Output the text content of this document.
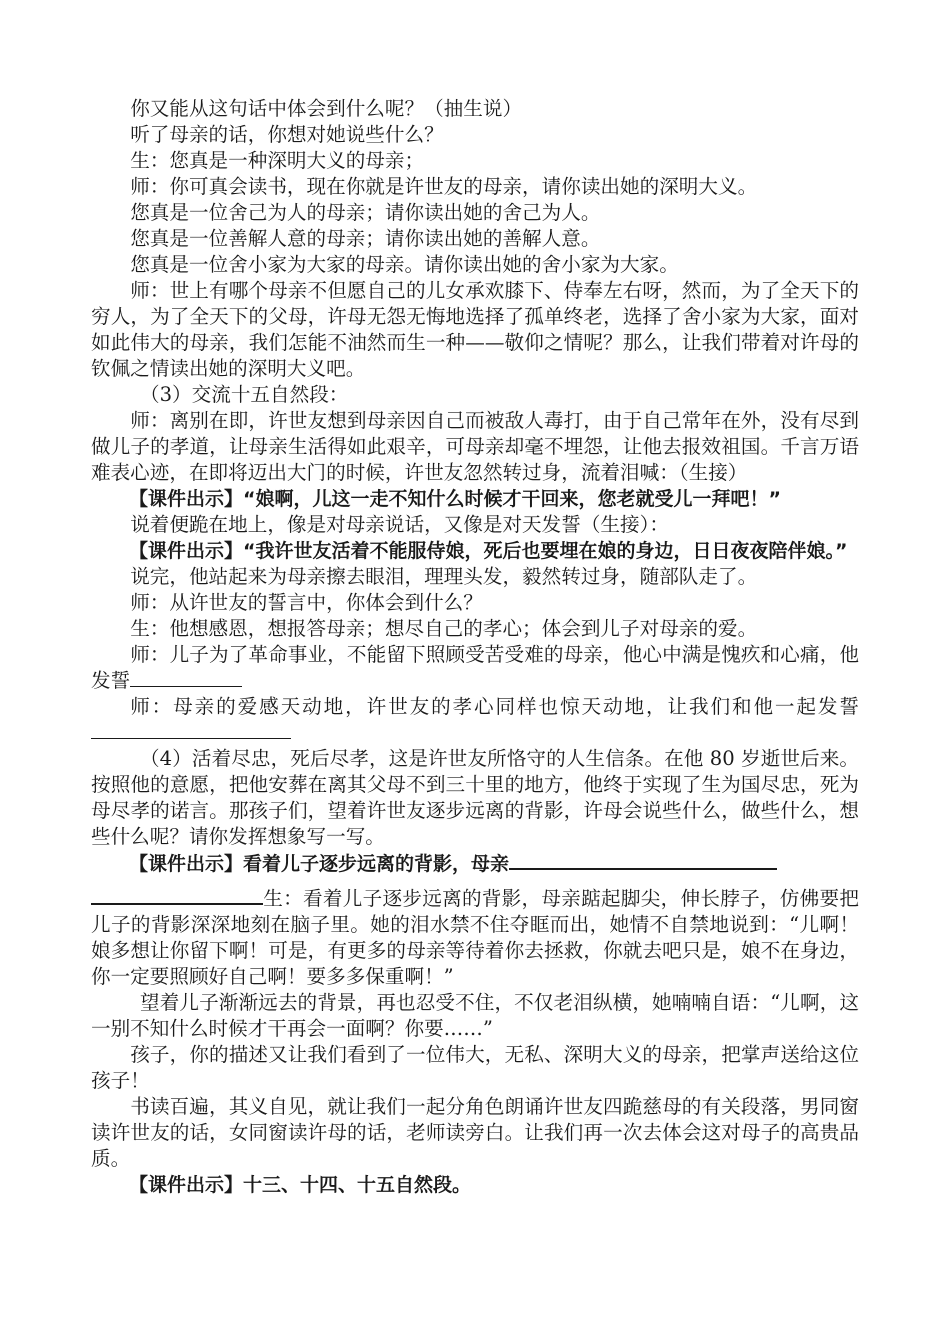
你又能从这句话中体会到什么呢？（抽生说）

听了母亲的话，你想对她说些什么？

生：您真是一种深明大义的母亲；

师：你可真会读书，现在你就是许世友的母亲，请你读出她的深明大义。

您真是一位舍己为人的母亲；请你读出她的舍己为人。

您真是一位善解人意的母亲；请你读出她的善解人意。

您真是一位舍小家为大家的母亲。请你读出她的舍小家为大家。

师：世上有哪个母亲不但愿自己的儿女承欢膝下、侍奉左右呀，然而，为了全天下的穷人，为了全天下的父母，许母无怨无悔地选择了孤单终老，选择了舍小家为大家，面对如此伟大的母亲，我们怎能不油然而生一种——敬仰之情呢？那么，让我们带着对许母的钦佩之情读出她的深明大义吧。

（3）交流十五自然段：

师：离别在即，许世友想到母亲因自己而被敌人毒打，由于自己常年在外，没有尽到做儿子的孝道，让母亲生活得如此艰辛，可母亲却毫不埋怨，让他去报效祖国。千言万语难表心迹，在即将迈出大门的时候，许世友忽然转过身，流着泪喊：（生接）

【课件出示】“娘啊，儿这一走不知什么时候才干回来，您老就受儿一拜吧！”

说着便跪在地上，像是对母亲说话，又像是对天发誓（生接）：

【课件出示】“我许世友活着不能服侍娘，死后也要埋在娘的身边，日日夜夜陪伴娘。”

说完，他站起来为母亲擦去眼泪，理理头发，毅然转过身，随部队走了。

师：从许世友的誓言中，你体会到什么？

生：他想感恩，想报答母亲；想尽自己的孝心；体会到儿子对母亲的爱。

师：儿子为了革命事业，不能留下照顾受苦受难的母亲，他心中满是愧疚和心痛，他发誓

师：母亲的爱感天动地，许世友的孝心同样也惊天动地，让我们和他一起发誓

（4）活着尽忠，死后尽孝，这是许世友所恪守的人生信条。在他 80 岁逝世后来。按照他的意愿，把他安葬在离其父母不到三十里的地方，他终于实现了生为国尽忠，死为母尽孝的诺言。那孩子们，望着许世友逐步远离的背影，许母会说些什么，做些什么，想些什么呢？请你发挥想象写一写。

【课件出示】看着儿子逐步远离的背影，母亲

生：看着儿子逐步远离的背影，母亲踮起脚尖，伸长脖子，仿佛要把儿子的背影深深地刻在脑子里。她的泪水禁不住夺眶而出，她情不自禁地说到：“儿啊！娘多想让你留下啊！可是，有更多的母亲等待着你去拯救，你就去吧只是，娘不在身边，你一定要照顾好自己啊！要多多保重啊！”

望着儿子渐渐远去的背景，再也忍受不住，不仅老泪纵横，她喃喃自语：“儿啊，这一别不知什么时候才干再会一面啊？你要……”

孩子，你的描述又让我们看到了一位伟大，无私、深明大义的母亲，把掌声送给这位孩子！

书读百遍，其义自见，就让我们一起分角色朗诵许世友四跪慈母的有关段落，男同窗读许世友的话，女同窗读许母的话，老师读旁白。让我们再一次去体会这对母子的高贵品质。

【课件出示】十三、十四、十五自然段。
